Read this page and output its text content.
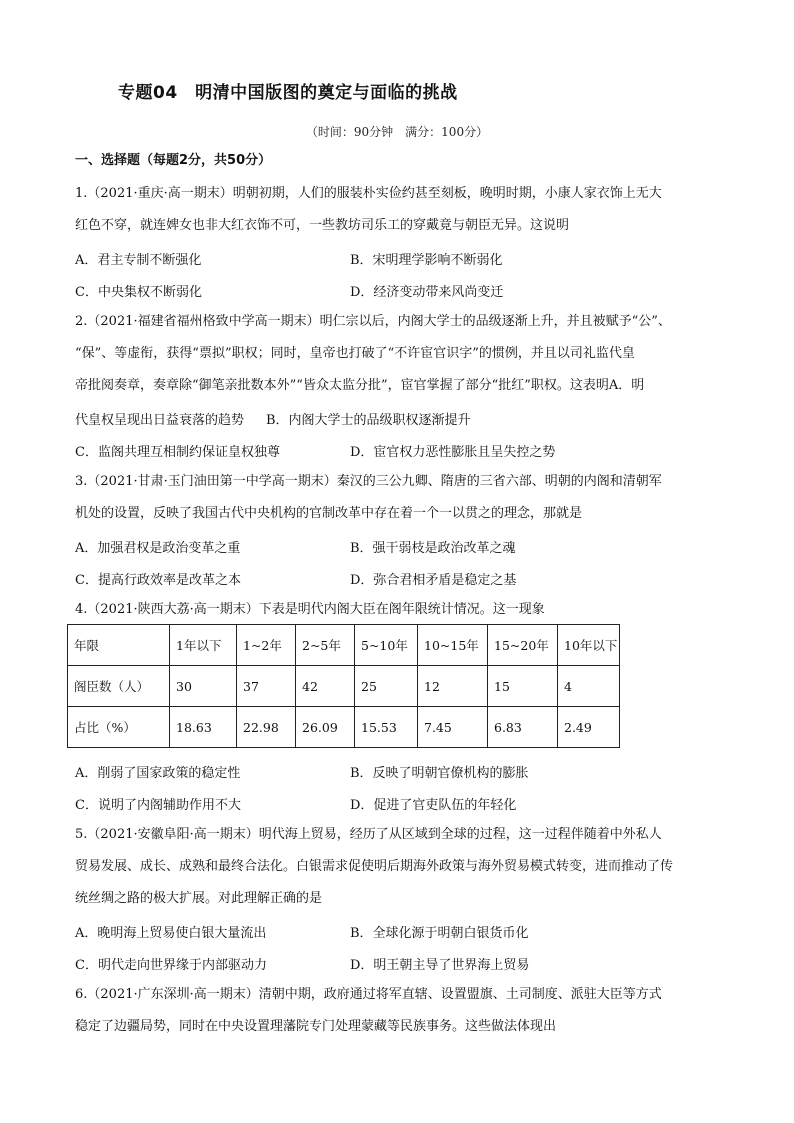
专题04　明清中国版图的奠定与面临的挑战
（时间：90分钟　满分：100分）
一、选择题（每题2分，共50分）
1.（2021·重庆·高一期末）明朝初期，人们的服装朴实俭约甚至刻板，晚明时期，小康人家衣饰上无大
红色不穿，就连婢女也非大红衣饰不可，一些教坊司乐工的穿戴竟与朝臣无异。这说明
A．君主专制不断强化	B．宋明理学影响不断弱化
C．中央集权不断弱化	D．经济变动带来风尚变迁
2.（2021·福建省福州格致中学高一期末）明仁宗以后，内阁大学士的品级逐渐上升，并且被赋予“公”、
“保”、等虚衔，获得“票拟”职权；同时，皇帝也打破了“不许宦官识字”的惯例，并且以司礼监代皇
帝批阅奏章，奏章除“御笔亲批数本外”“皆众太监分批”，宦官掌握了部分“批红”职权。这表明A．明
代皇权呈现出日益衰落的趋势 B．内阁大学士的品级职权逐渐提升
C．监阁共理互相制约保证皇权独尊	D．宦官权力恶性膨胀且呈失控之势
3.（2021·甘肃·玉门油田第一中学高一期末）秦汉的三公九卿、隋唐的三省六部、明朝的内阁和清朝军
机处的设置，反映了我国古代中央机构的官制改革中存在着一个一以贯之的理念，那就是
A．加强君权是政治变革之重	B．强干弱枝是政治改革之魂
C．提高行政效率是改革之本	D．弥合君相矛盾是稳定之基
4.（2021·陕西大荔·高一期末）下表是明代内阁大臣在阁年限统计情况。这一现象
年限	1年以下	1~2年	2~5年	5~10年	10~15年	15~20年	10年以下
阁臣数（人）	30	37	42	25	12	15	4
占比（%）	18.63	22.98	26.09	15.53	7.45	6.83	2.49
A．削弱了国家政策的稳定性	B．反映了明朝官僚机构的膨胀
C．说明了内阁辅助作用不大	D．促进了官吏队伍的年轻化
5.（2021·安徽阜阳·高一期末）明代海上贸易，经历了从区域到全球的过程，这一过程伴随着中外私人
贸易发展、成长、成熟和最终合法化。白银需求促使明后期海外政策与海外贸易模式转变，进而推动了传
统丝绸之路的极大扩展。对此理解正确的是
A．晚明海上贸易使白银大量流出	B．全球化源于明朝白银货币化
C．明代走向世界缘于内部驱动力	D．明王朝主导了世界海上贸易
6.（2021·广东深圳·高一期末）清朝中期，政府通过将军直辖、设置盟旗、土司制度、派驻大臣等方式
稳定了边疆局势，同时在中央设置理藩院专门处理蒙藏等民族事务。这些做法体现出
